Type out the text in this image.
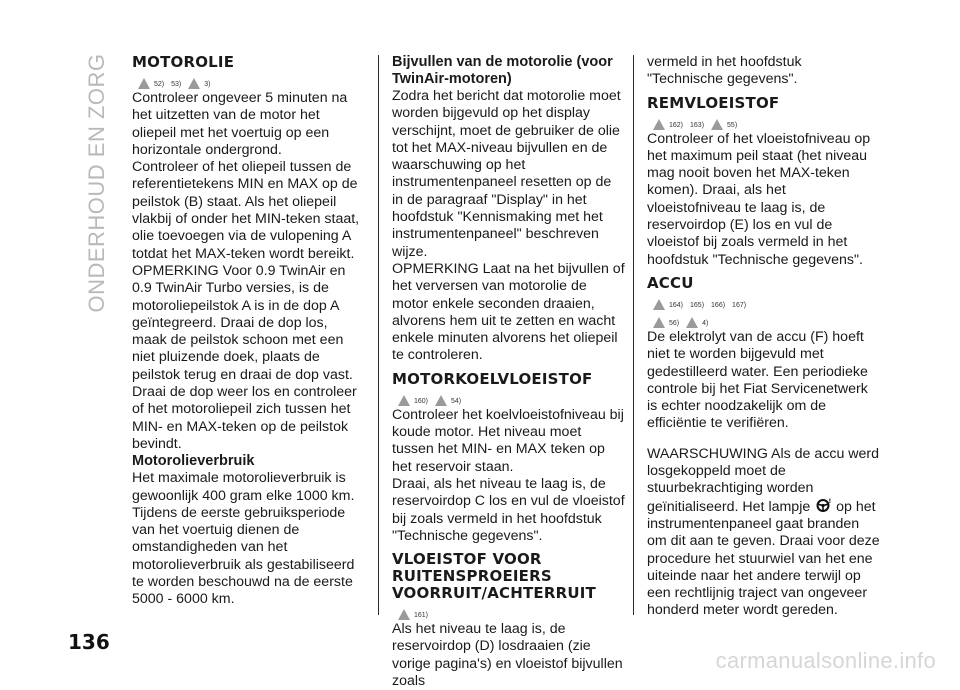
ONDERHOUD EN ZORG MOTOROLIE
52) 53)	3)

Controleer ongeveer 5 minuten na het uitzetten van de motor het oliepeil met het voertuig op een horizontale ondergrond.

Controleer of het oliepeil tussen de referentietekens MIN en MAX op de peilstok (B) staat. Als het oliepeil vlakbij of onder het MIN-teken staat, olie toevoegen via de vulopening A totdat het MAX-teken wordt bereikt.

OPMERKING Voor 0.9 TwinAir en 0.9 TwinAir Turbo versies, is de motoroliepeilstok A is in de dop A geïntegreerd. Draai de dop los, maak de peilstok schoon met een niet pluizende doek, plaats de peilstok terug en draai de dop vast. Draai de dop weer los en controleer of het motoroliepeil zich tussen het MIN- en MAX-teken op de peilstok bevindt.

Motorolieverbruik

Het maximale motorolieverbruik is gewoonlijk 400 gram elke 1000 km. Tijdens de eerste gebruiksperiode van het voertuig dienen de omstandigheden van het motorolieverbruik als gestabiliseerd te worden beschouwd na de eerste 5000 - 6000 km.

Bijvullen van de motorolie (voor TwinAir-motoren)

Zodra het bericht dat motorolie moet worden bijgevuld op het display verschijnt, moet de gebruiker de olie tot het MAX-niveau bijvullen en de waarschuwing op het instrumentenpaneel resetten op de in de paragraaf "Display" in het hoofdstuk "Kennismaking met het instrumentenpaneel" beschreven wijze.

OPMERKING Laat na het bijvullen of het verversen van motorolie de motor enkele seconden draaien, alvorens hem uit te zetten en wacht enkele minuten alvorens het oliepeil te controleren.

MOTORKOELVLOEISTOF
160)	54)

Controleer het koelvloeistofniveau bij koude motor. Het niveau moet tussen het MIN- en MAX teken op het reservoir staan.

Draai, als het niveau te laag is, de reservoirdop C los en vul de vloeistof bij zoals vermeld in het hoofdstuk "Technische gegevens".

VLOEISTOF VOOR RUITENSPROEIERS VOORRUIT/ACHTERRUIT
161)

Als het niveau te laag is, de reservoirdop (D) losdraaien (zie vorige pagina's) en vloeistof bijvullen zoals

vermeld in het hoofdstuk "Technische gegevens".

REMVLOEISTOF
162) 163)	55)

Controleer of het vloeistofniveau op het maximum peil staat (het niveau mag nooit boven het MAX-teken komen). Draai, als het vloeistofniveau te laag is, de reservoirdop (E) los en vul de vloeistof bij zoals vermeld in het hoofdstuk "Technische gegevens".

ACCU
164) 165) 166) 167)
56)	4)

De elektrolyt van de accu (F) hoeft niet te worden bijgevuld met gedestilleerd water. Een periodieke controle bij het Fiat Servicenetwerk is echter noodzakelijk om de efficiëntie te verifiëren.

WAARSCHUWING Als de accu werd losgekoppeld moet de stuurbekrachtiging worden geïnitialiseerd. Het lampje	! op het instrumentenpaneel gaat branden om dit aan te geven. Draai voor deze procedure het stuurwiel van het ene uiteinde naar het andere terwijl op een rechtlijnig traject van ongeveer honderd meter wordt gereden.

136
carmanualsonline.info
